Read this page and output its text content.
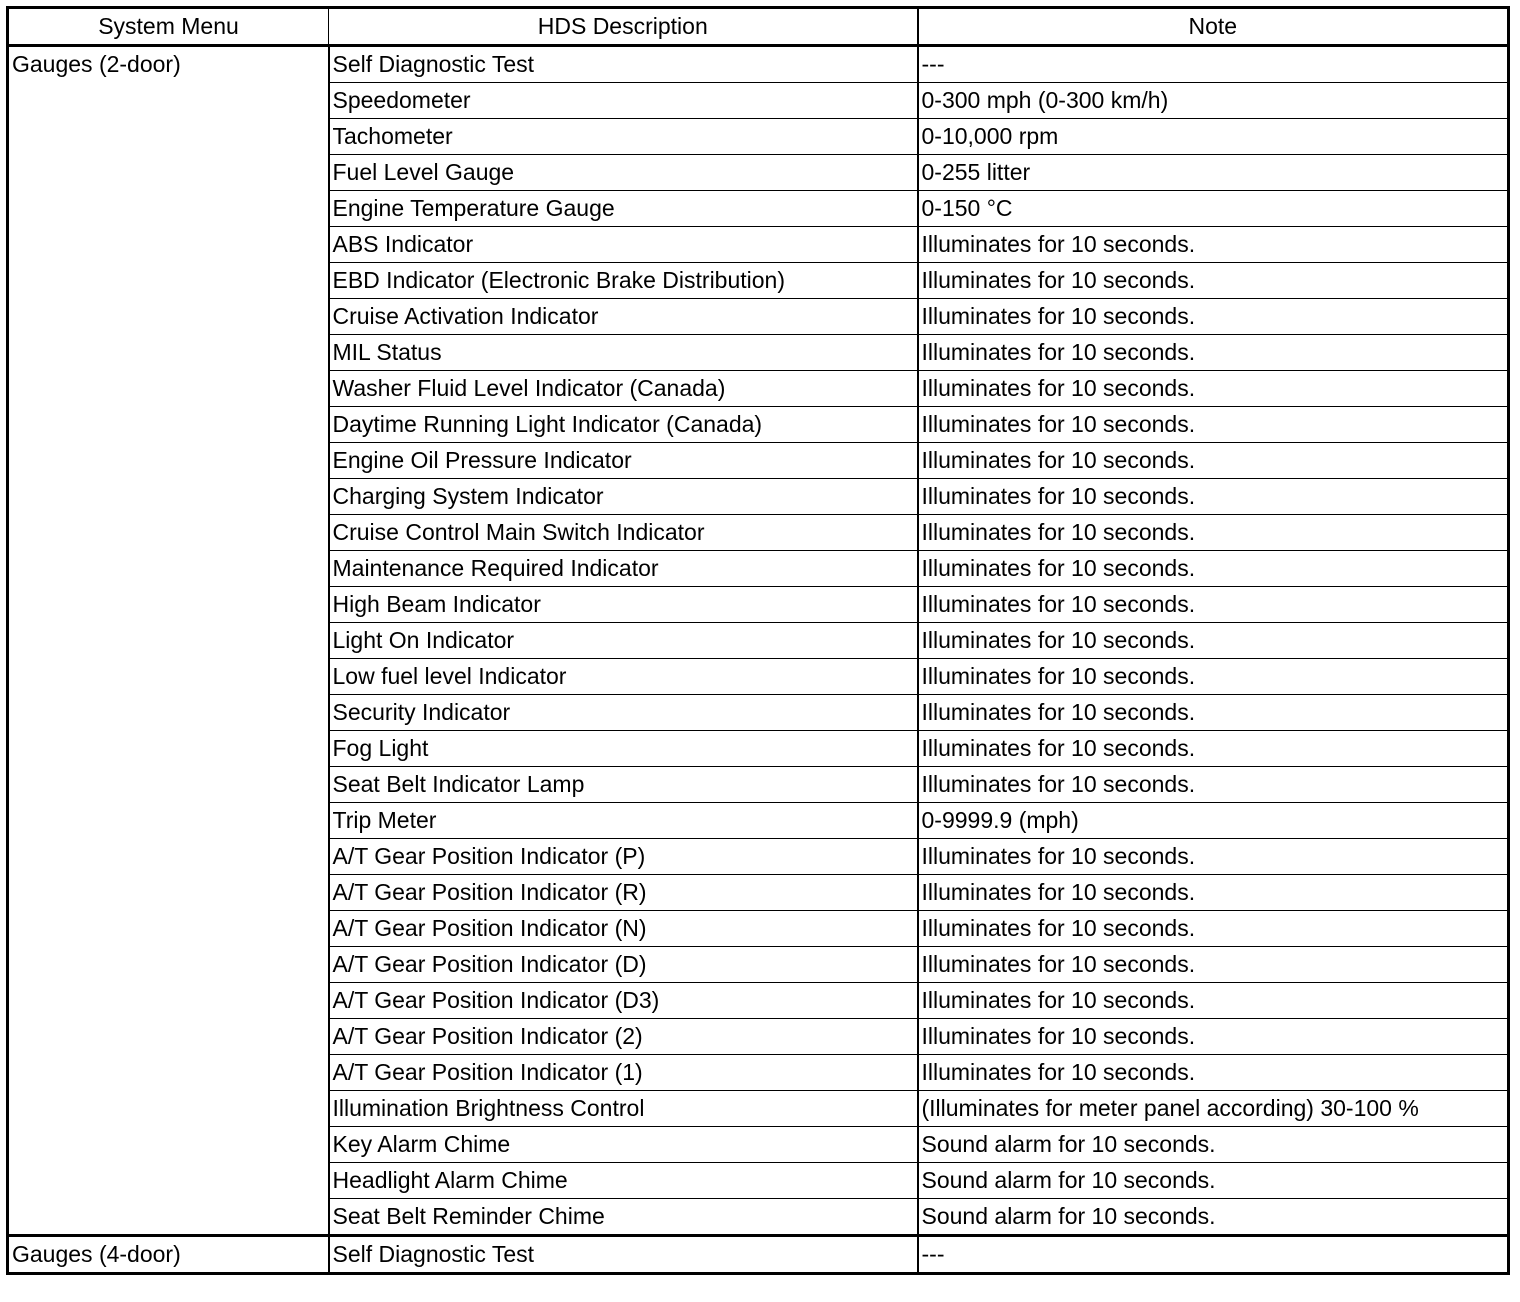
System Menu	HDS Description	Note

Gauges (2-door)	Self Diagnostic Test	---
	Speedometer	0-300 mph (0-300 km/h)
	Tachometer	0-10,000 rpm
	Fuel Level Gauge	0-255 litter
	Engine Temperature Gauge	0-150 °C
	ABS Indicator	Illuminates for 10 seconds.
	EBD Indicator (Electronic Brake Distribution)	Illuminates for 10 seconds.
	Cruise Activation Indicator	Illuminates for 10 seconds.
	MIL Status	Illuminates for 10 seconds.
	Washer Fluid Level Indicator (Canada)	Illuminates for 10 seconds.
	Daytime Running Light Indicator (Canada)	Illuminates for 10 seconds.
	Engine Oil Pressure Indicator	Illuminates for 10 seconds.
	Charging System Indicator	Illuminates for 10 seconds.
	Cruise Control Main Switch Indicator	Illuminates for 10 seconds.
	Maintenance Required Indicator	Illuminates for 10 seconds.
	High Beam Indicator	Illuminates for 10 seconds.
	Light On Indicator	Illuminates for 10 seconds.
	Low fuel level Indicator	Illuminates for 10 seconds.
	Security Indicator	Illuminates for 10 seconds.
	Fog Light	Illuminates for 10 seconds.
	Seat Belt Indicator Lamp	Illuminates for 10 seconds.
	Trip Meter	0-9999.9 (mph)
	A/T Gear Position Indicator (P)	Illuminates for 10 seconds.
	A/T Gear Position Indicator (R)	Illuminates for 10 seconds.
	A/T Gear Position Indicator (N)	Illuminates for 10 seconds.
	A/T Gear Position Indicator (D)	Illuminates for 10 seconds.
	A/T Gear Position Indicator (D3)	Illuminates for 10 seconds.
	A/T Gear Position Indicator (2)	Illuminates for 10 seconds.
	A/T Gear Position Indicator (1)	Illuminates for 10 seconds.
	Illumination Brightness Control	(Illuminates for meter panel according) 30-100 %
	Key Alarm Chime	Sound alarm for 10 seconds.
	Headlight Alarm Chime	Sound alarm for 10 seconds.
	Seat Belt Reminder Chime	Sound alarm for 10 seconds.

Gauges (4-door)	Self Diagnostic Test	---
